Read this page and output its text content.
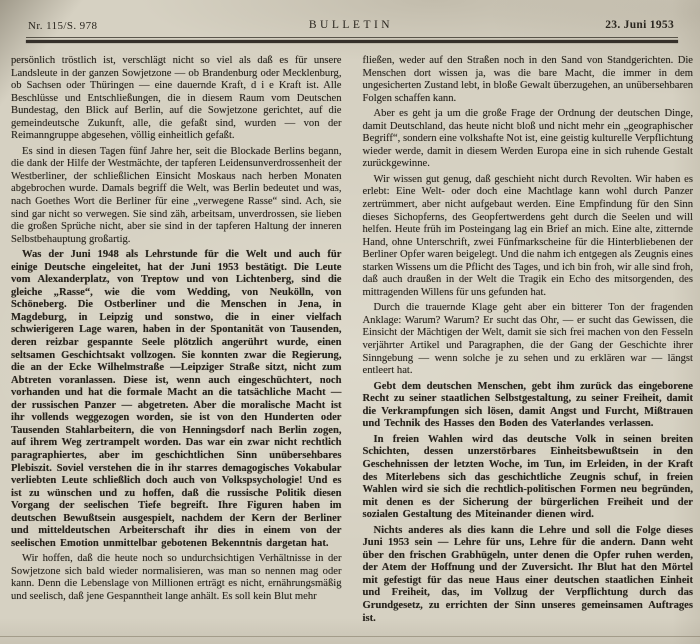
Nr. 115/S. 978	BULLETIN	23. Juni 1953

persönlich tröstlich ist, verschlägt nicht so viel als daß es für unsere Landsleute in der ganzen Sowjetzone — ob Brandenburg oder Mecklenburg, ob Sachsen oder Thüringen — eine dauernde Kraft, d i e Kraft ist. Alle Beschlüsse und Entschließungen, die in diesem Raum vom Deutschen Bundestag, den Blick auf Berlin, auf die Sowjetzone gerichtet, auf die gemeindeutsche Zukunft, alle, die gefaßt sind, wurden — von der Reimanngruppe abgesehen, völlig einheitlich gefaßt.

Es sind in diesen Tagen fünf Jahre her, seit die Blockade Berlins begann, die dank der Hilfe der Westmächte, der tapferen Leidensunverdrossenheit der Westberliner, der schließlichen Einsicht Moskaus nach herben Monaten abgebrochen wurde. Damals begriff die Welt, was Berlin bedeutet und was, nach Goethes Wort die Berliner für eine „verwegene Rasse“ sind. Ach, sie sind gar nicht so verwegen. Sie sind zäh, arbeitsam, unverdrossen, sie lieben die großen Sprüche nicht, aber sie sind in der tapferen Haltung der inneren Selbstbehauptung großartig.

Was der Juni 1948 als Lehrstunde für die Welt und auch für einige Deutsche eingeleitet, hat der Juni 1953 bestätigt. Die Leute vom Alexanderplatz, von Treptow und von Lichtenberg, sind die gleiche „Rasse“, wie die vom Wedding, von Neukölln, von Schöneberg. Die Ostberliner und die Menschen in Jena, in Magdeburg, in Leipzig und sonstwo, die in einer vielfach schwierigeren Lage waren, haben in der Spontanität von Tausenden, deren reizbar gespannte Seele plötzlich angerührt wurde, einen seltsamen Geschichtsakt vollzogen. Sie konnten zwar die Regierung, die an der Ecke Wilhelmstraße —Leipziger Straße sitzt, nicht zum Abtreten voranlassen. Diese ist, wenn auch eingeschüchtert, noch vorhanden und hat die formale Macht an die tatsächliche Macht — der russischen Panzer — abgetreten. Aber die moralische Macht ist ihr vollends weggezogen worden, sie ist von den Hunderten oder Tausenden Stahlarbeitern, die von Henningsdorf nach Berlin zogen, auf ihrem Weg zertrampelt worden. Das war ein zwar nicht rechtlich paragraphiertes, aber im geschichtlichen Sinn unübersehbares Plebiszit. Soviel verstehen die in ihr starres demagogisches Vokabular verliebten Leute schließlich doch auch von Volkspsychologie! Und es ist zu wünschen und zu hoffen, daß die russische Politik diesen Vorgang der seelischen Tiefe begreift. Ihre Figuren haben im deutschen Bewußtsein ausgespielt, nachdem der Kern der Berliner und mitteldeutschen Arbeiterschaft ihr dies in einem von der seelischen Emotion unmittelbar gebotenen Bekenntnis dargetan hat.

Wir hoffen, daß die heute noch so undurchsichtigen Verhältnisse in der Sowjetzone sich bald wieder normalisieren, was man so nennen mag oder kann. Denn die Lebenslage von Millionen erträgt es nicht, ernährungsmäßig und seelisch, daß jene Gespanntheit lange anhält. Es soll kein Blut mehr

fließen, weder auf den Straßen noch in den Sand von Standgerichten. Die Menschen dort wissen ja, was die bare Macht, die immer in dem ungesicherten Zustand lebt, in bloße Gewalt überzugehen, an unübersehbaren Folgen schaffen kann.

Aber es geht ja um die große Frage der Ordnung der deutschen Dinge, damit Deutschland, das heute nicht bloß und nicht mehr ein „geographischer Begriff“, sondern eine volkshafte Not ist, eine geistig kulturelle Verpflichtung wieder werde, damit in diesem Werden Europa eine in sich ruhende Gestalt zurückgewinne.

Wir wissen gut genug, daß geschieht nicht durch Revolten. Wir haben es erlebt: Eine Welt- oder doch eine Machtlage kann wohl durch Panzer zertrümmert, aber nicht aufgebaut werden. Eine Empfindung für den Sinn dieses Sichopferns, des Geopfertwerdens geht durch die Seelen und will helfen. Heute früh im Posteingang lag ein Brief an mich. Eine alte, zitternde Hand, ohne Unterschrift, zwei Fünfmarkscheine für die Hinterbliebenen der Berliner Opfer waren beigelegt. Und die nahm ich entgegen als Zeugnis eines starken Wissens um die Pflicht des Tages, und ich bin froh, wir alle sind froh, daß auch draußen in der Welt die Tragik ein Echo des mitsorgenden, des mittragenden Willens für uns gefunden hat.

Durch die trauernde Klage geht aber ein bitterer Ton der fragenden Anklage: Warum? Warum? Er sucht das Ohr, — er sucht das Gewissen, die Einsicht der Mächtigen der Welt, damit sie sich frei machen von den Fesseln verjährter Artikel und Paragraphen, die der Gang der Geschichte ihrer Sinngebung — wenn solche je zu sehen und zu erklären war — längst entleert hat.

Gebt dem deutschen Menschen, gebt ihm zurück das eingeborene Recht zu seiner staatlichen Selbstgestaltung, zu seiner Freiheit, damit die Verkrampfungen sich lösen, damit Angst und Furcht, Mißtrauen und Technik des Hasses den Boden des Vaterlandes verlassen.

In freien Wahlen wird das deutsche Volk in seinen breiten Schichten, dessen unzerstörbares Einheitsbewußtsein in den Geschehnissen der letzten Woche, im Tun, im Erleiden, in der Kraft des Miterlebens sich das geschichtliche Zeugnis schuf, in freien Wahlen wird sie sich die rechtlich-politischen Formen neu begründen, mit denen es der Sicherung der bürgerlichen Freiheit und der sozialen Gestaltung des Miteinander dienen wird.

Nichts anderes als dies kann die Lehre und soll die Folge dieses Juni 1953 sein — Lehre für uns, Lehre für die andern. Dann weht über den frischen Grabhügeln, unter denen die Opfer ruhen werden, der Atem der Hoffnung und der Zuversicht. Ihr Blut hat den Mörtel mit gefestigt für das neue Haus einer deutschen staatlichen Einheit und Freiheit, das, im Vollzug der Verpflichtung durch das Grundgesetz, zu errichten der Sinn unseres gemeinsamen Auftrages ist.
